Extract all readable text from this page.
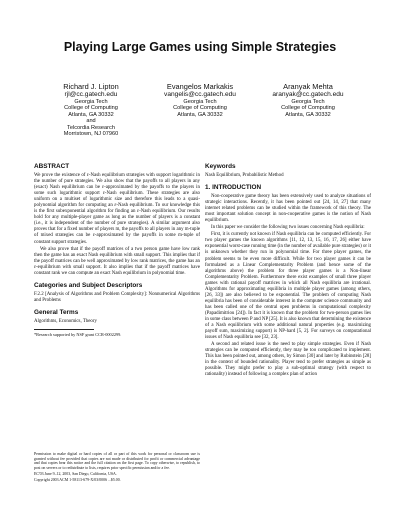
Playing Large Games using Simple Strategies
Richard J. Lipton
rjl@cc.gatech.edu
Georgia Tech
College of Computing
Atlanta, GA 30332
and
Telcordia Research
Morristown, NJ 07960
Evangelos Markakis
vangelis@cc.gatech.edu
Georgia Tech
College of Computing
Atlanta, GA 30332
Aranyak Mehta
aranyak@cc.gatech.edu
Georgia Tech
College of Computing
Atlanta, GA 30332
ABSTRACT

We prove the existence of ε-Nash equilibrium strategies with support logarithmic in the number of pure strategies. We also show that the payoffs to all players in any (exact) Nash equilibrium can be ε-approximated by the payoffs to the players in some such logarithmic support ε-Nash equilibrium. These strategies are also uniform on a multiset of logarithmic size and therefore this leads to a quasi-polynomial algorithm for computing an ε-Nash equilibrium. To our knowledge this is the first subexponential algorithm for finding an ε-Nash equilibrium. Our results hold for any multiple-player game as long as the number of players is a constant (i.e., it is independent of the number of pure strategies). A similar argument also proves that for a fixed number of players m, the payoffs to all players in any m-tuple of mixed strategies can be ε-approximated by the payoffs in some m-tuple of constant support strategies.

We also prove that if the payoff matrices of a two person game have low rank then the game has an exact Nash equilibrium with small support. This implies that if the payoff matrices can be well approximated by low rank matrices, the game has an ε-equilibrium with small support. It also implies that if the payoff matrices have constant rank we can compute an exact Nash equilibrium in polynomial time.

Categories and Subject Descriptors

F.2.2 [Analysis of Algorithms and Problem Complexity]: Nonnumerical Algorithms and Problems

General Terms

Algorithms, Economics, Theory

*Research supported by NSF grant CCR-0002299.

Permission to make digital or hard copies of all or part of this work for personal or classroom use is granted without fee provided that copies are not made or distributed for profit or commercial advantage and that copies bear this notice and the full citation on the first page. To copy otherwise, to republish, to post on servers or to redistribute to lists, requires prior specific permission and/or a fee.

EC'03 June 9–12, 2003, San Diego, California, USA.

Copyright 2003 ACM 1-58113-679-X/03/0006 ...$5.00.

Keywords

Nash Equilibrium, Probabilistic Method

1. INTRODUCTION

Non-cooperative game theory has been extensively used to analyze situations of strategic interactions. Recently, it has been pointed out [24, 14, 27] that many internet related problems can be studied within the framework of this theory. The most important solution concept in non-cooperative games is the notion of Nash equilibrium.

In this paper we consider the following two issues concerning Nash equilibria:

First, it is currently not known if Nash equilibria can be computed efficiently. For two player games the known algorithms [11, 12, 13, 15, 16, 17, 26] either have exponential worst-case running time (in the number of available pure strategies) or it is unknown whether they run in polynomial time. For three player games, the problem seems to be even more difficult. While for two player games it can be formulated as a Linear Complementarity Problem (and hence some of the algorithms above) the problem for three player games is a Non-linear Complementarity Problem. Furthermore there exist examples of small three player games with rational payoff matrices in which all Nash equilibria are irrational. Algorithms for approximating equilibria in multiple player games (among others, [26, 33]) are also believed to be exponential. The problem of computing Nash equilibria has been of considerable interest in the computer science community and has been called one of the central open problems in computational complexity (Papadimitriou [24]). In fact it is known that the problem for two-person games lies in some class between P and NP [25]. It is also known that determining the existence of a Nash equilibrium with some additional natural properties (e.g. maximizing payoff sum, maximizing support) is NP-hard [5, 2]. For surveys on computational issues of Nash equilibria see [32, 23].

A second and related issue is the need to play simple strategies. Even if Nash strategies can be computed efficiently, they may be too complicated to implement. This has been pointed out, among others, by Simon [30] and later by Rubinstein [28] in the context of bounded rationality. Player tend to prefer strategies as simple as possible. They might prefer to play a sub-optimal strategy (with respect to rationality) instead of following a complex plan of action
